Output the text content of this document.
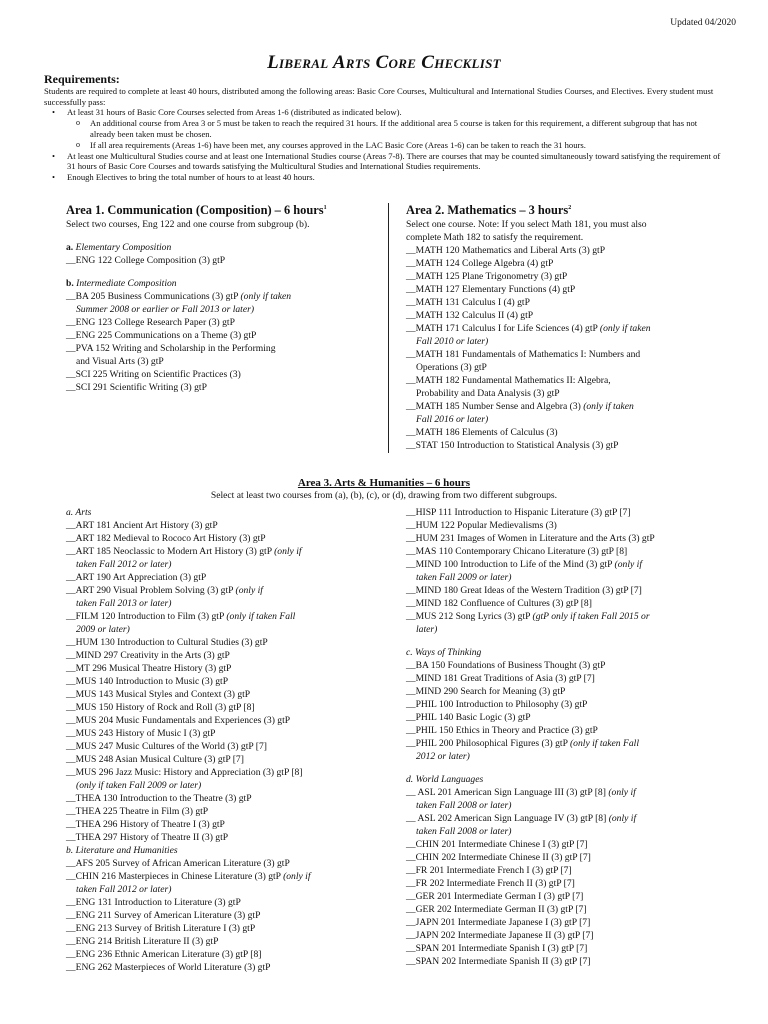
Updated 04/2020
Liberal Arts Core Checklist
Requirements:

Students are required to complete at least 40 hours, distributed among the following areas: Basic Core Courses, Multicultural and International Studies Courses, and Electives. Every student must successfully pass:

• At least 31 hours of Basic Core Courses selected from Areas 1-6 (distributed as indicated below).
o An additional course from Area 3 or 5 must be taken to reach the required 31 hours. If the additional area 5 course is taken for this requirement, a different subgroup that has not already been taken must be chosen.
o If all area requirements (Areas 1-6) have been met, any courses approved in the LAC Basic Core (Areas 1-6) can be taken to reach the 31 hours.
• At least one Multicultural Studies course and at least one International Studies course (Areas 7-8). There are courses that may be counted simultaneously toward satisfying the requirement of 31 hours of Basic Core Courses and towards satisfying the Multicultural Studies and International Studies requirements.
• Enough Electives to bring the total number of hours to at least 40 hours.
Area 1. Communication (Composition) – 6 hours$^1$
Select two courses, Eng 122 and one course from subgroup (b).
a. Elementary Composition
__ENG 122 College Composition (3) gtP
b. Intermediate Composition
__BA 205 Business Communications (3) gtP (only if taken
Summer 2008 or earlier or Fall 2013 or later)
__ENG 123 College Research Paper (3) gtP
__ENG 225 Communications on a Theme (3) gtP
__PVA 152 Writing and Scholarship in the Performing
and Visual Arts (3) gtP
__SCI 225 Writing on Scientific Practices (3)
__SCI 291 Scientific Writing (3) gtP
Area 2. Mathematics – 3 hours$^2$
Select one course. Note: If you select Math 181, you must also
complete Math 182 to satisfy the requirement.
__MATH 120 Mathematics and Liberal Arts (3) gtP
__MATH 124 College Algebra (4) gtP
__MATH 125 Plane Trigonometry (3) gtP
__MATH 127 Elementary Functions (4) gtP
__MATH 131 Calculus I (4) gtP
__MATH 132 Calculus II (4) gtP
__MATH 171 Calculus I for Life Sciences (4) gtP (only if taken
Fall 2010 or later)
__MATH 181 Fundamentals of Mathematics I: Numbers and
Operations (3) gtP
__MATH 182 Fundamental Mathematics II: Algebra,
Probability and Data Analysis (3) gtP
__MATH 185 Number Sense and Algebra (3) (only if taken
Fall 2016 or later)
__MATH 186 Elements of Calculus (3)
__STAT 150 Introduction to Statistical Analysis (3) gtP
Area 3. Arts & Humanities – 6 hours
Select at least two courses from (a), (b), (c), or (d), drawing from two different subgroups.
a. Arts
__ART 181 Ancient Art History (3) gtP
__ART 182 Medieval to Rococo Art History (3) gtP
__ART 185 Neoclassic to Modern Art History (3) gtP (only if
taken Fall 2012 or later)
__ART 190 Art Appreciation (3) gtP
__ART 290 Visual Problem Solving (3) gtP (only if
taken Fall 2013 or later)
__FILM 120 Introduction to Film (3) gtP (only if taken Fall
2009 or later)
__HUM 130 Introduction to Cultural Studies (3) gtP
__MIND 297 Creativity in the Arts (3) gtP
__MT 296 Musical Theatre History (3) gtP
__MUS 140 Introduction to Music (3) gtP
__MUS 143 Musical Styles and Context (3) gtP
__MUS 150 History of Rock and Roll (3) gtP [8]
__MUS 204 Music Fundamentals and Experiences (3) gtP
__MUS 243 History of Music I (3) gtP
__MUS 247 Music Cultures of the World (3) gtP [7]
__MUS 248 Asian Musical Culture (3) gtP [7]
__MUS 296 Jazz Music: History and Appreciation (3) gtP [8]
(only if taken Fall 2009 or later)
__THEA 130 Introduction to the Theatre (3) gtP
__THEA 225 Theatre in Film (3) gtP
__THEA 296 History of Theatre I (3) gtP
__THEA 297 History of Theatre II (3) gtP
b. Literature and Humanities
__AFS 205 Survey of African American Literature (3) gtP
__CHIN 216 Masterpieces in Chinese Literature (3) gtP (only if
taken Fall 2012 or later)
__ENG 131 Introduction to Literature (3) gtP
__ENG 211 Survey of American Literature (3) gtP
__ENG 213 Survey of British Literature I (3) gtP
__ENG 214 British Literature II (3) gtP
__ENG 236 Ethnic American Literature (3) gtP [8]
__ENG 262 Masterpieces of World Literature (3) gtP
__HISP 111 Introduction to Hispanic Literature (3) gtP [7]
__HUM 122 Popular Medievalisms (3)
__HUM 231 Images of Women in Literature and the Arts (3) gtP
__MAS 110 Contemporary Chicano Literature (3) gtP [8]
__MIND 100 Introduction to Life of the Mind (3) gtP (only if
taken Fall 2009 or later)
__MIND 180 Great Ideas of the Western Tradition (3) gtP [7]
__MIND 182 Confluence of Cultures (3) gtP [8]
__MUS 212 Song Lyrics (3) gtP (gtP only if taken Fall 2015 or
later)
c. Ways of Thinking
__BA 150 Foundations of Business Thought (3) gtP
__MIND 181 Great Traditions of Asia (3) gtP [7]
__MIND 290 Search for Meaning (3) gtP
__PHIL 100 Introduction to Philosophy (3) gtP
__PHIL 140 Basic Logic (3) gtP
__PHIL 150 Ethics in Theory and Practice (3) gtP
__PHIL 200 Philosophical Figures (3) gtP (only if taken Fall
2012 or later)
d. World Languages
__ ASL 201 American Sign Language III (3) gtP [8] (only if
taken Fall 2008 or later)
__ ASL 202 American Sign Language IV (3) gtP [8] (only if
taken Fall 2008 or later)
__CHIN 201 Intermediate Chinese I (3) gtP [7]
__CHIN 202 Intermediate Chinese II (3) gtP [7]
__FR 201 Intermediate French I (3) gtP [7]
__FR 202 Intermediate French II (3) gtP [7]
__GER 201 Intermediate German I (3) gtP [7]
__GER 202 Intermediate German II (3) gtP [7]
__JAPN 201 Intermediate Japanese I (3) gtP [7]
__JAPN 202 Intermediate Japanese II (3) gtP [7]
__SPAN 201 Intermediate Spanish I (3) gtP [7]
__SPAN 202 Intermediate Spanish II (3) gtP [7]
